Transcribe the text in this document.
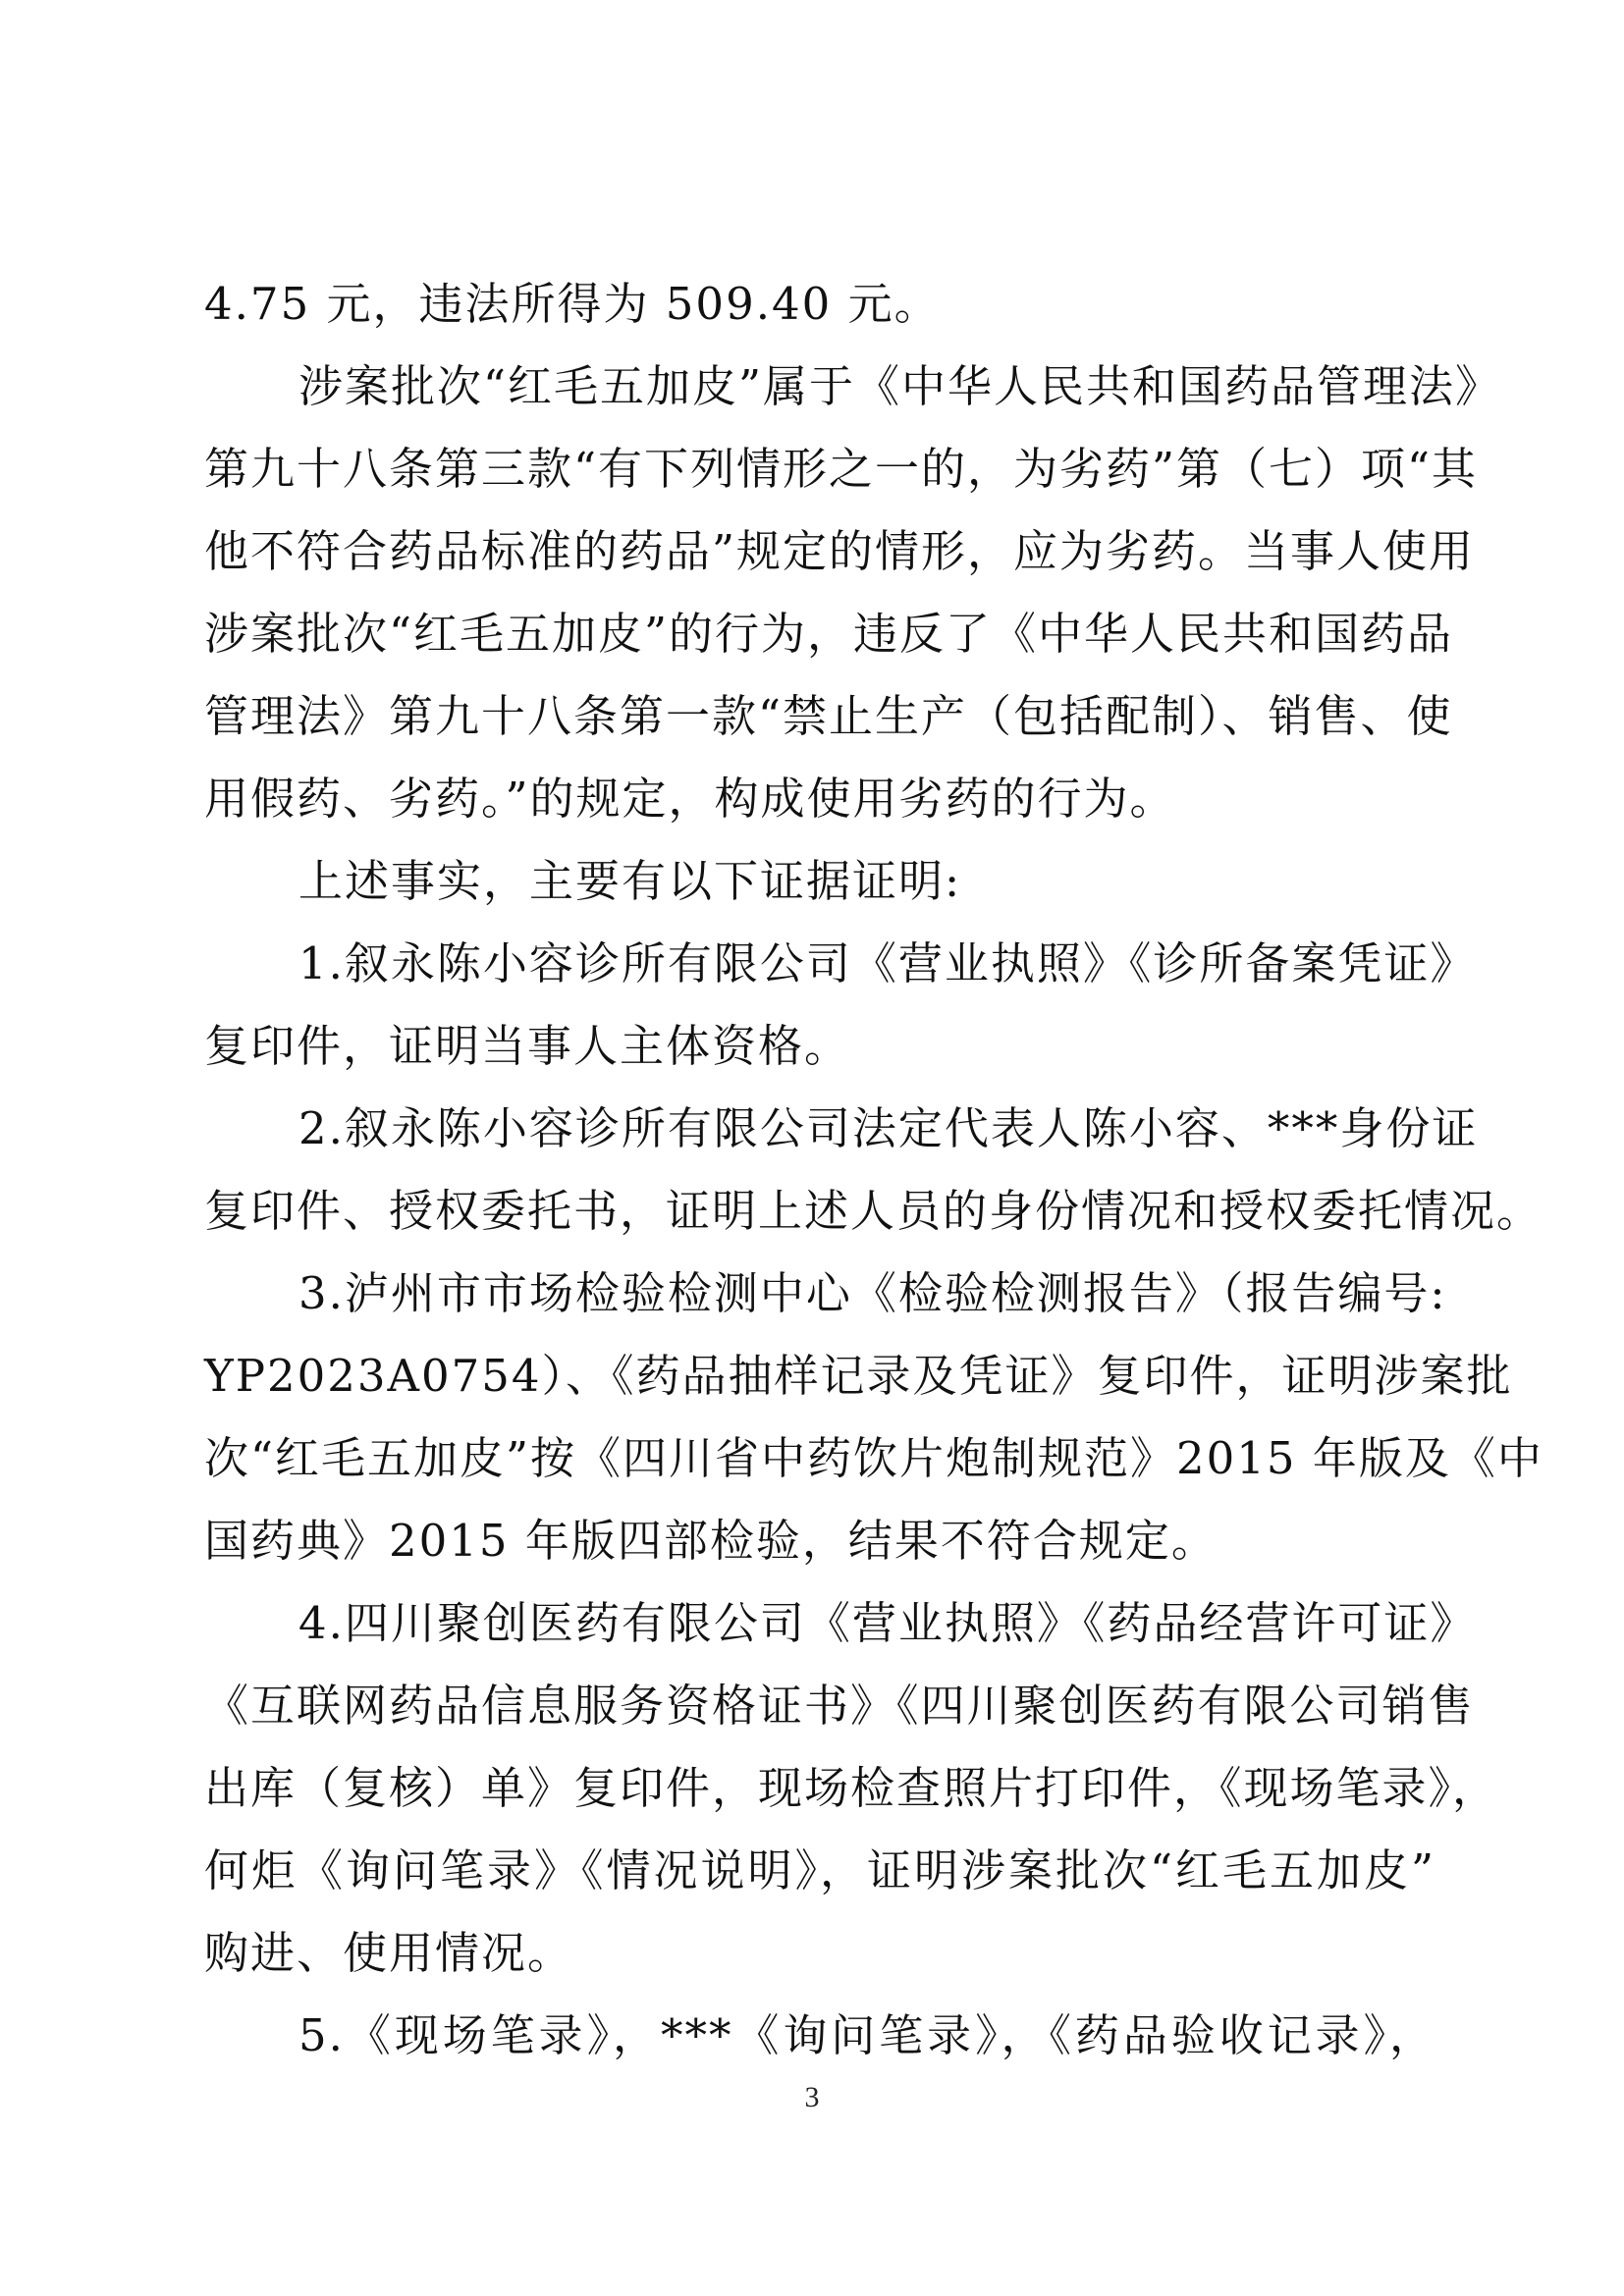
4.75 元，违法所得为 509.40 元。
涉案批次“红毛五加皮”属于《中华人民共和国药品管理法》
第九十八条第三款“有下列情形之一的，为劣药”第（七）项“其
他不符合药品标准的药品”规定的情形，应为劣药。当事人使用
涉案批次“红毛五加皮”的行为，违反了《中华人民共和国药品
管理法》第九十八条第一款“禁止生产（包括配制）、销售、使
用假药、劣药。”的规定，构成使用劣药的行为。
上述事实，主要有以下证据证明:
1.叙永陈小容诊所有限公司《营业执照》《诊所备案凭证》
复印件，证明当事人主体资格。
2.叙永陈小容诊所有限公司法定代表人陈小容、***身份证
复印件、授权委托书，证明上述人员的身份情况和授权委托情况。
3.泸州市市场检验检测中心《检验检测报告》（报告编号:
YP2023A0754）、《药品抽样记录及凭证》复印件，证明涉案批
次“红毛五加皮”按《四川省中药饮片炮制规范》2015 年版及《中
国药典》2015 年版四部检验，结果不符合规定。
4.四川聚创医药有限公司《营业执照》《药品经营许可证》
《互联网药品信息服务资格证书》《四川聚创医药有限公司销售
出库（复核）单》复印件，现场检查照片打印件，《现场笔录》，
何炬《询问笔录》《情况说明》，证明涉案批次“红毛五加皮”
购进、使用情况。
5.《现场笔录》，***《询问笔录》，《药品验收记录》，
3
